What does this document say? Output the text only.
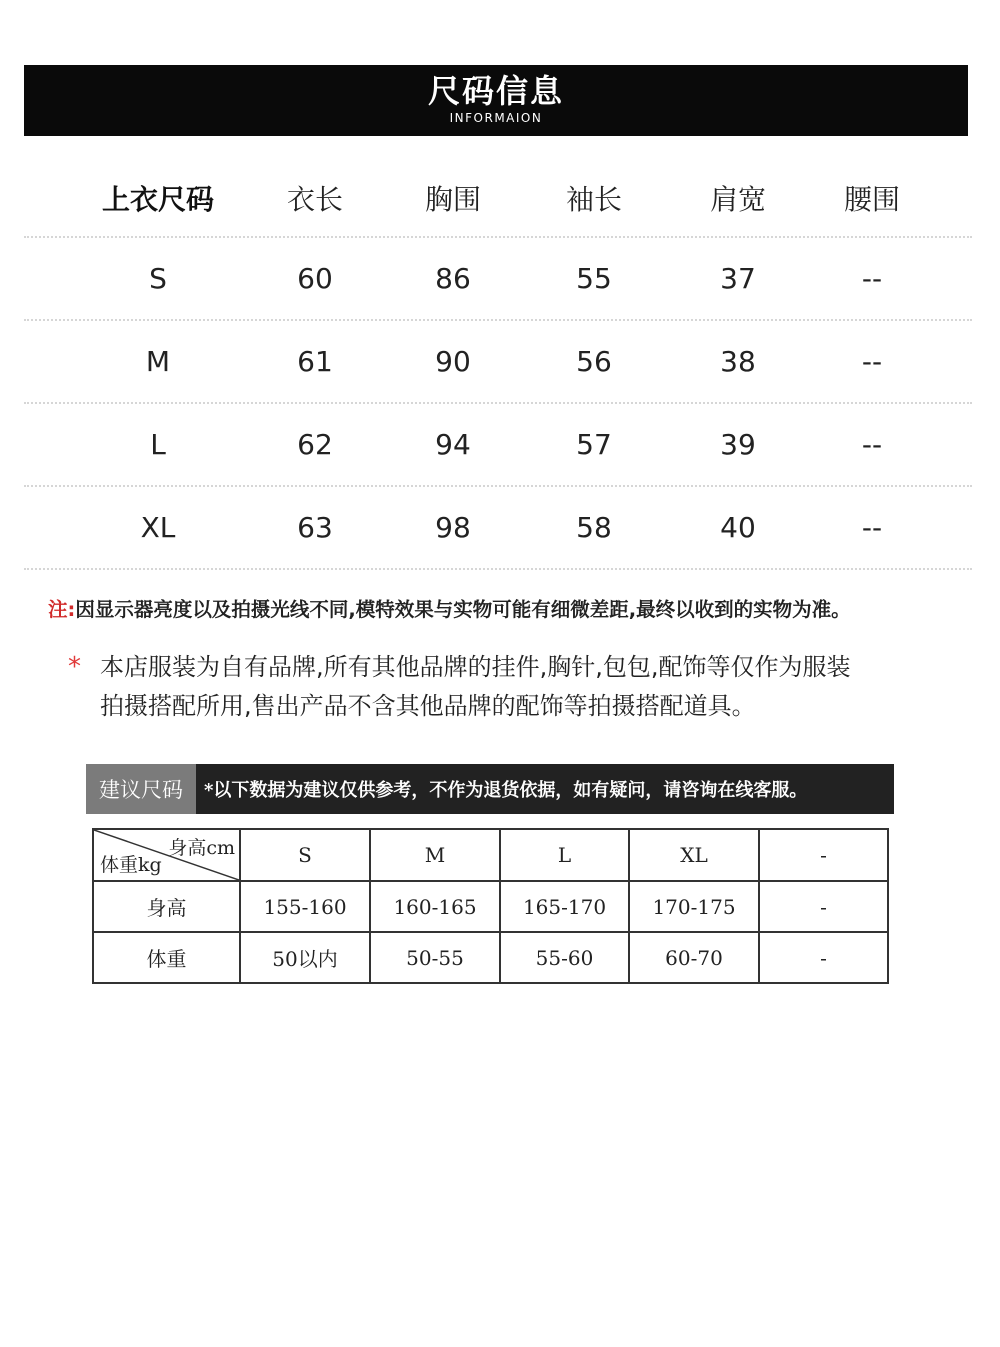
尺码信息
INFORMAION
上衣尺码	衣长	胸围	袖长	肩宽	腰围
S	60	86	55	37	--
M	61	90	56	38	--
L	62	94	57	39	--
XL	63	98	58	40	--
注:因显示器亮度以及拍摄光线不同,模特效果与实物可能有细微差距,最终以收到的实物为准。
* 本店服装为自有品牌,所有其他品牌的挂件,胸针,包包,配饰等仅作为服装
拍摄搭配所用,售出产品不含其他品牌的配饰等拍摄搭配道具。
建议尺码	*以下数据为建议仅供参考，不作为退货依据，如有疑问，请咨询在线客服。
身高cm
体重kg	S	M	L	XL	-
身高	155-160	160-165	165-170	170-175	-
体重	50以内	50-55	55-60	60-70	-
